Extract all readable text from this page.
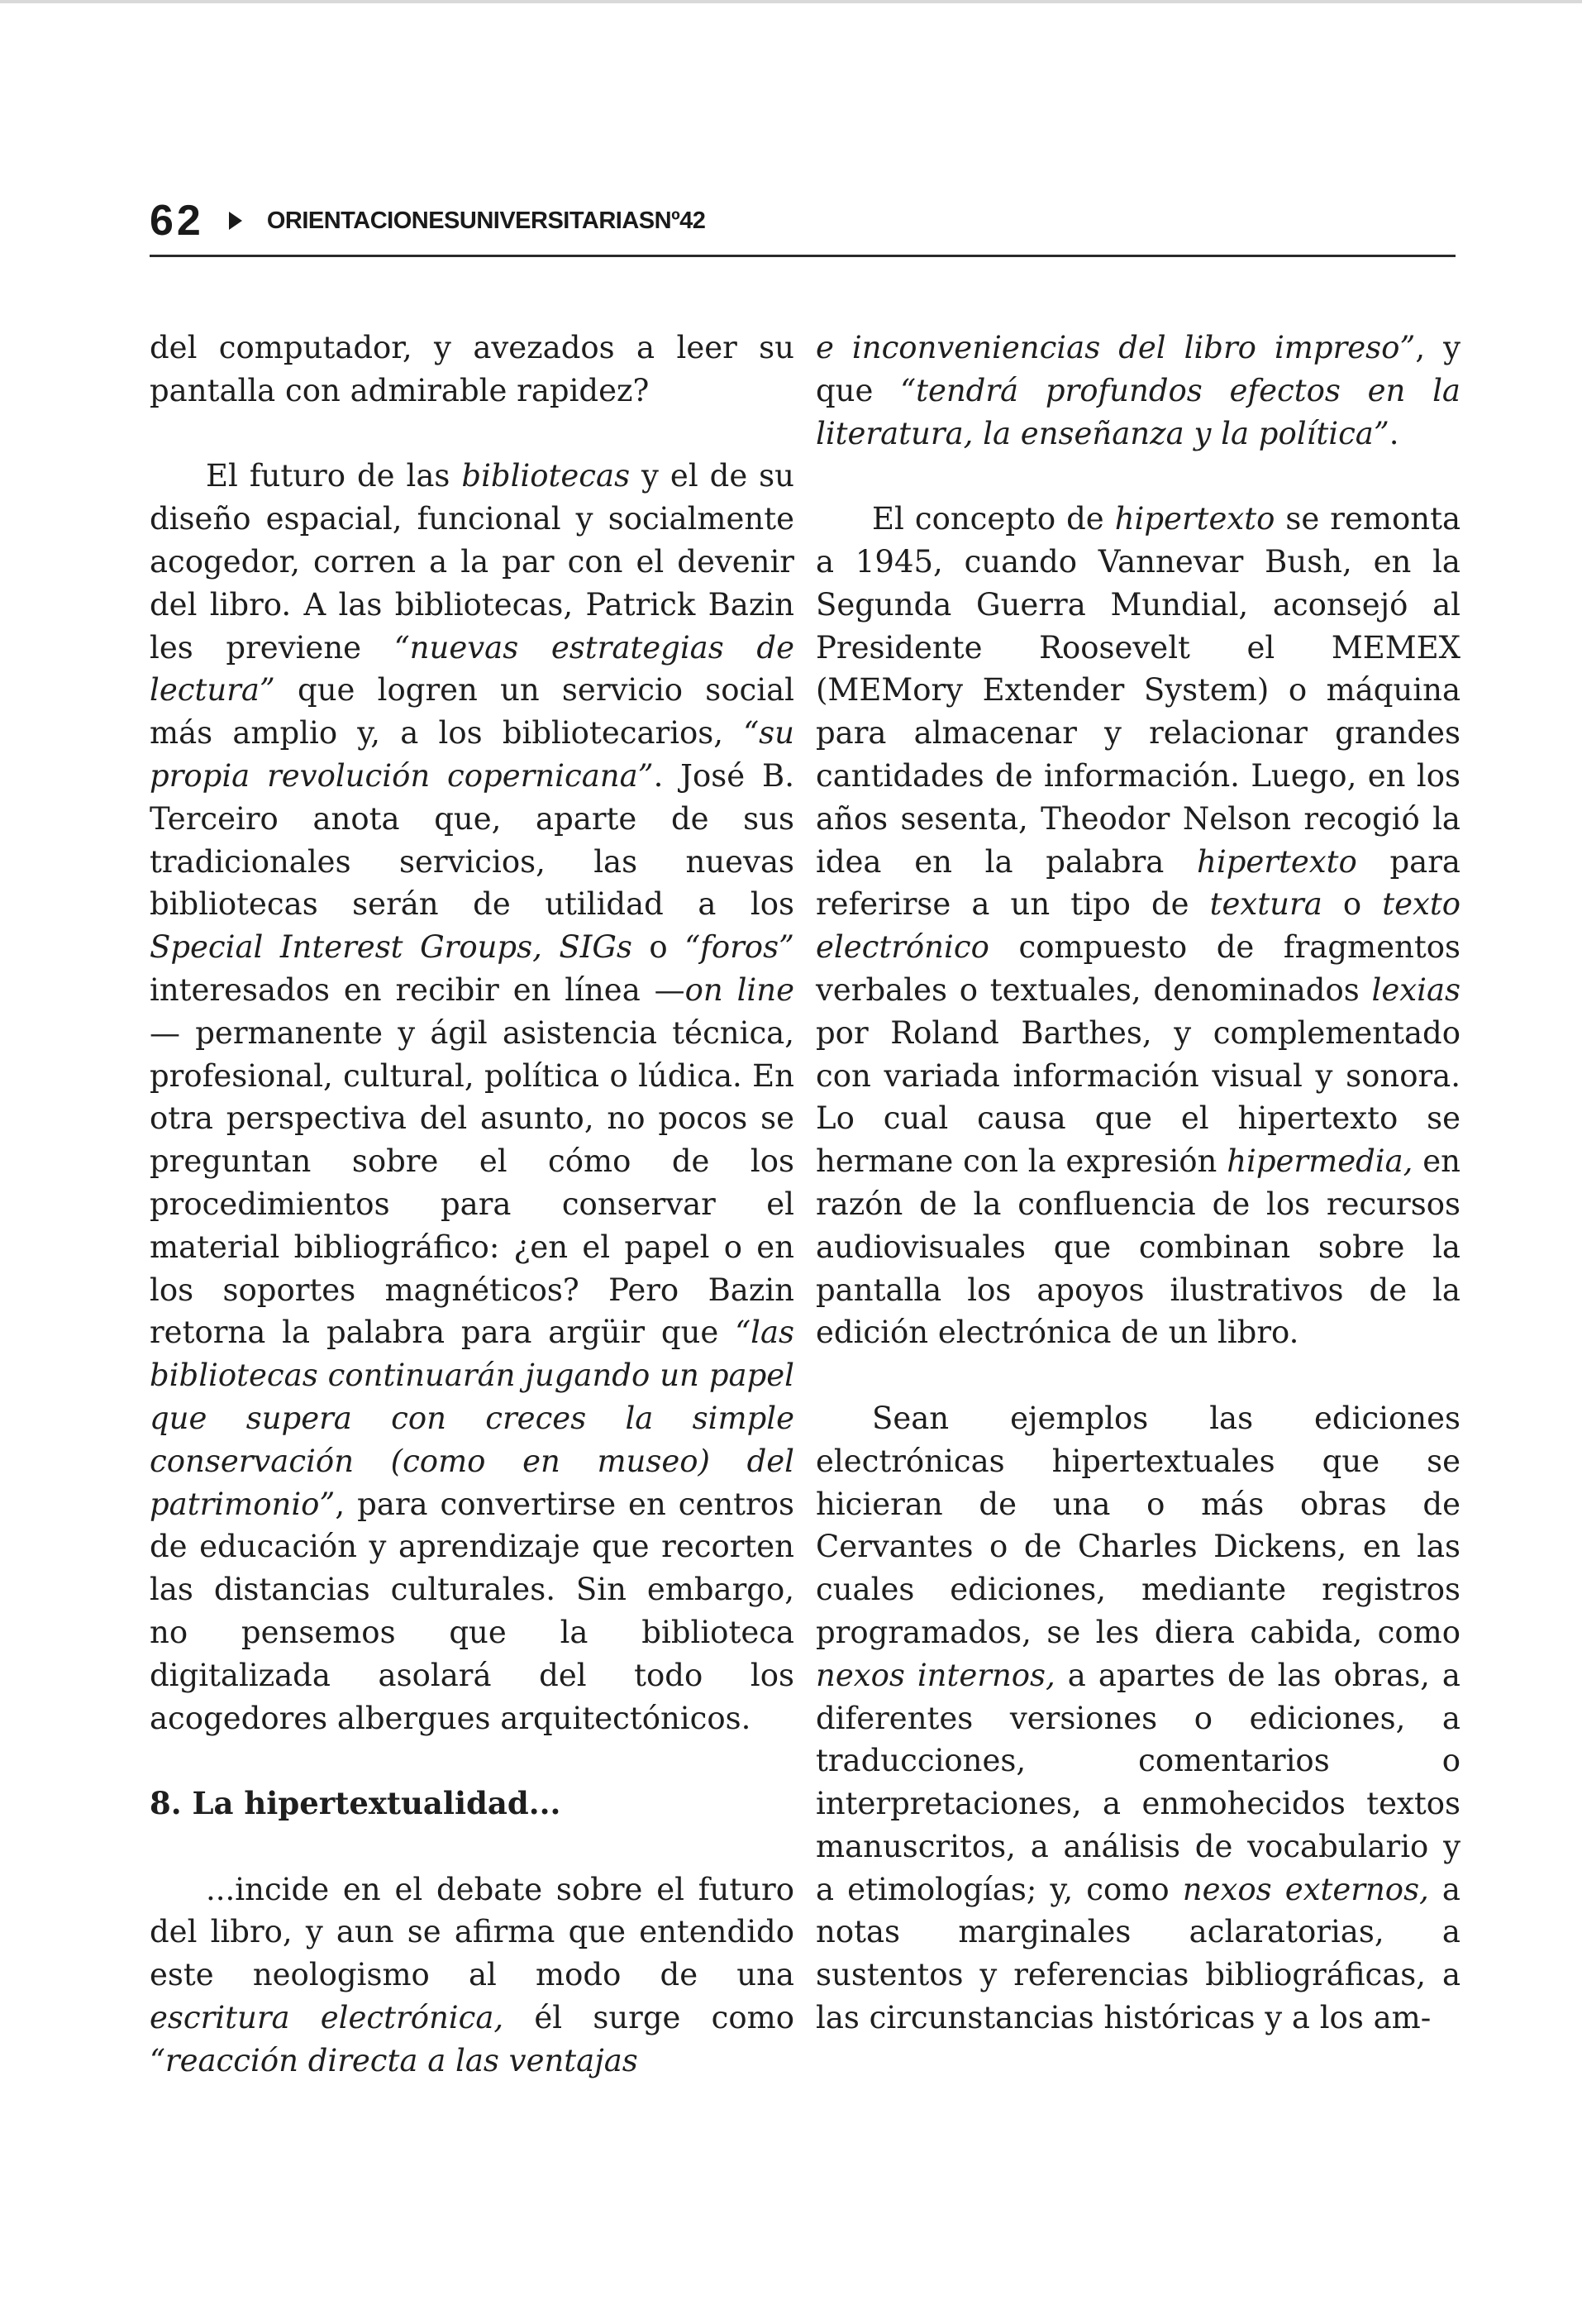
62	ORIENTACIONESUNIVERSITARIASNº42

del computador, y avezados a leer su pantalla con admirable rapidez?

El futuro de las bibliotecas y el de su diseño espacial, funcional y socialmente acogedor, corren a la par con el devenir del libro. A las bibliotecas, Patrick Bazin les previene “nuevas estrategias de lectura” que logren un servicio social más amplio y, a los bibliotecarios, “su propia revolución copernicana”. José B. Terceiro anota que, aparte de sus tradicionales servicios, las nuevas bibliotecas serán de utilidad a los Special Interest Groups, SIGs o “foros” interesados en recibir en línea —on line— permanente y ágil asistencia técnica, profesional, cultural, política o lúdica. En otra perspectiva del asunto, no pocos se preguntan sobre el cómo de los procedimientos para conservar el material bibliográfico: ¿en el papel o en los soportes magnéticos? Pero Bazin retorna la palabra para argüir que “las bibliotecas continuarán jugando un papel que supera con creces la simple conservación (como en museo) del patrimonio”, para convertirse en centros de educación y aprendizaje que recorten las distancias culturales. Sin embargo, no pensemos que la biblioteca digitalizada asolará del todo los acogedores albergues arquitectónicos.

8. La hipertextualidad...

...incide en el debate sobre el futuro del libro, y aun se afirma que entendido este neologismo al modo de una escritura electrónica, él surge como “reacción directa a las ventajas

e inconveniencias del libro impreso”, y que “tendrá profundos efectos en la literatura, la enseñanza y la política”.

El concepto de hipertexto se remonta a 1945, cuando Vannevar Bush, en la Segunda Guerra Mundial, aconsejó al Presidente Roosevelt el MEMEX (MEMory Extender System) o máquina para almacenar y relacionar grandes cantidades de información. Luego, en los años sesenta, Theodor Nelson recogió la idea en la palabra hipertexto para referirse a un tipo de textura o texto electrónico compuesto de fragmentos verbales o textuales, denominados lexias por Roland Barthes, y complementado con variada información visual y sonora. Lo cual causa que el hipertexto se hermane con la expresión hipermedia, en razón de la confluencia de los recursos audiovisuales que combinan sobre la pantalla los apoyos ilustrativos de la edición electrónica de un libro.

Sean ejemplos las ediciones electrónicas hipertextuales que se hicieran de una o más obras de Cervantes o de Charles Dickens, en las cuales ediciones, mediante registros programados, se les diera cabida, como nexos internos, a apartes de las obras, a diferentes versiones o ediciones, a traducciones, comentarios o interpretaciones, a enmohecidos textos manuscritos, a análisis de vocabulario y a etimologías; y, como nexos externos, a notas marginales aclaratorias, a sustentos y referencias bibliográficas, a las circunstancias históricas y a los am-
